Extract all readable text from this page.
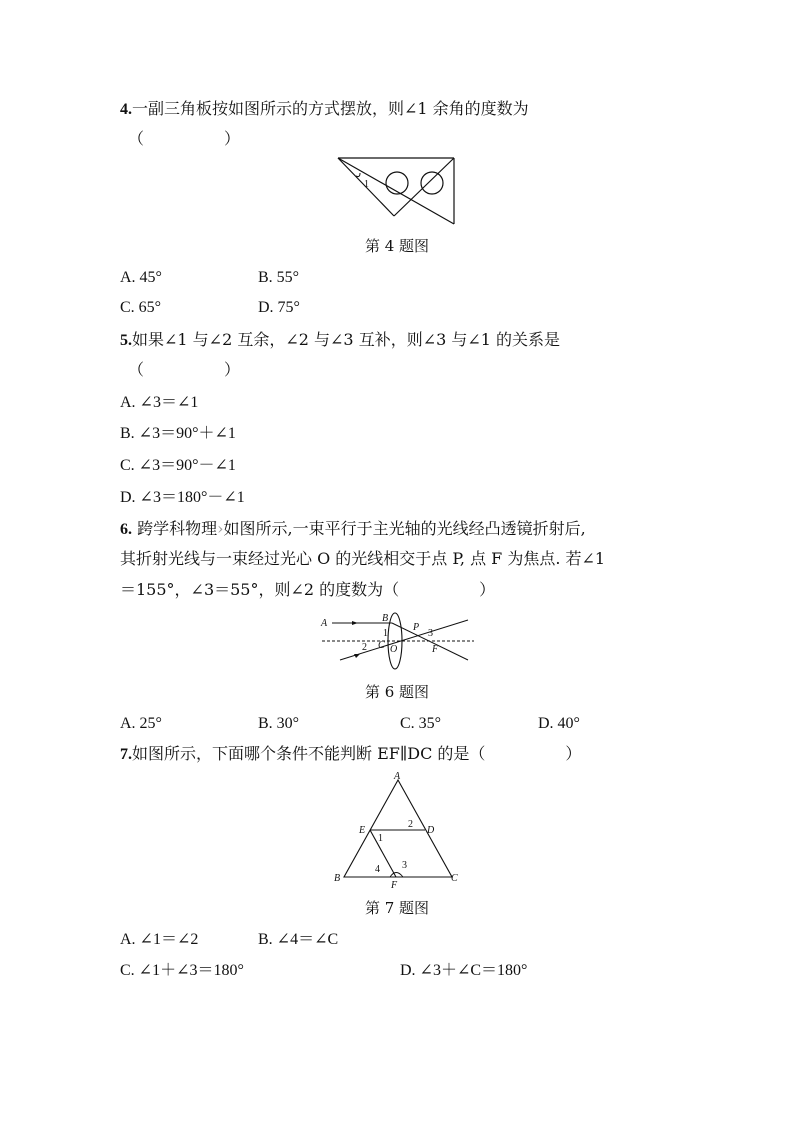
4.一副三角板按如图所示的方式摆放，则∠1 余角的度数为
（　　　　　）
1
第 4 题图
A. 45°	B. 55°
C. 65°	D. 75°
5.如果∠1 与∠2 互余，∠2 与∠3 互补，则∠3 与∠1 的关系是
（　　　　　）
A. ∠3＝∠1
B. ∠3＝90°＋∠1
C. ∠3＝90°－∠1
D. ∠3＝180°－∠1
6. 跨学科物理›如图所示,一束平行于主光轴的光线经凸透镜折射后,
其折射光线与一束经过光心 O 的光线相交于点 P, 点 F 为焦点. 若∠1
＝155°，∠3＝55°，则∠2 的度数为（　　　　　）
A	B
1
2 C O
P
3
F
第 6 题图
A. 25°	B. 30°	C. 35°	D. 40°
7.如图所示，下面哪个条件不能判断 EF∥DC 的是（　　　　　）
A
E	D
B	C
F
1
2
3
4
第 7 题图
A. ∠1＝∠2	B. ∠4＝∠C
C. ∠1＋∠3＝180°	D. ∠3＋∠C＝180°
